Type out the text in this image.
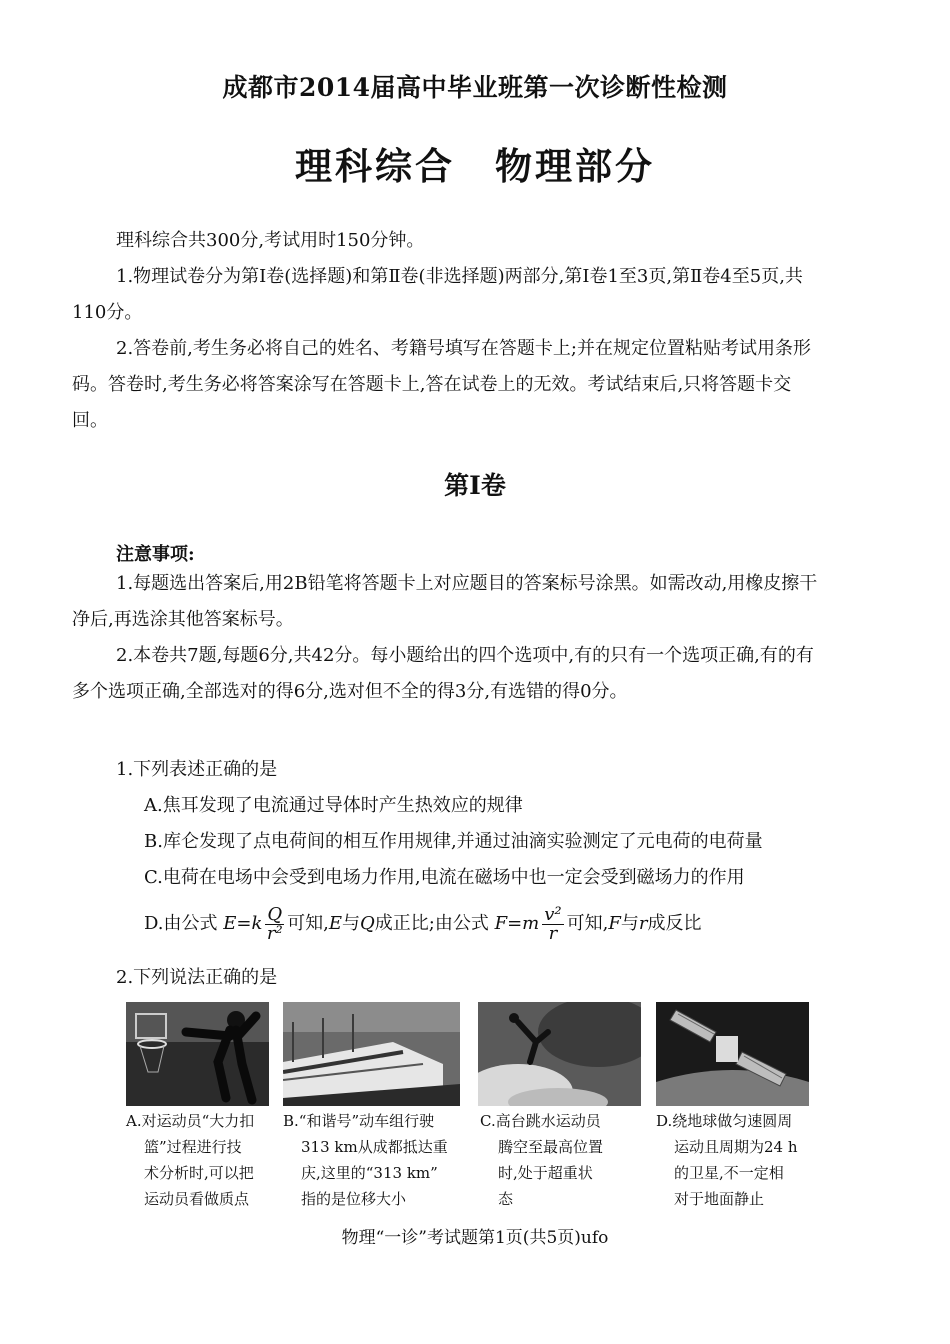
成都市2014届高中毕业班第一次诊断性检测
理科综合　物理部分
理科综合共300分,考试用时150分钟。
1.物理试卷分为第Ⅰ卷(选择题)和第Ⅱ卷(非选择题)两部分,第Ⅰ卷1至3页,第Ⅱ卷4至5页,共110分。
2.答卷前,考生务必将自己的姓名、考籍号填写在答题卡上;并在规定位置粘贴考试用条形码。答卷时,考生务必将答案涂写在答题卡上,答在试卷上的无效。考试结束后,只将答题卡交回。
第Ⅰ卷
注意事项:
1.每题选出答案后,用2B铅笔将答题卡上对应题目的答案标号涂黑。如需改动,用橡皮擦干净后,再选涂其他答案标号。
2.本卷共7题,每题6分,共42分。每小题给出的四个选项中,有的只有一个选项正确,有的有多个选项正确,全部选对的得6分,选对但不全的得3分,有选错的得0分。
1.下列表述正确的是
A.焦耳发现了电流通过导体时产生热效应的规律
B.库仑发现了点电荷间的相互作用规律,并通过油滴实验测定了元电荷的电荷量
C.电荷在电场中会受到电场力作用,电流在磁场中也一定会受到磁场力的作用
D.由公式 $E=k \frac{Q}{\text{r²}}$ 可知,E与Q成正比;由公式 $F=m \frac{\text{v²}}{r}$ 可知,F与r成反比
2.下列说法正确的是
A.对运动员“大力扣
篮”过程进行技
术分析时,可以把
运动员看做质点
B.“和谐号”动车组行驶
313 km从成都抵达重
庆,这里的“313 km”
指的是位移大小
C.高台跳水运动员
腾空至最高位置
时,处于超重状
态
D.绕地球做匀速圆周
运动且周期为24 h
的卫星,不一定相
对于地面静止
物理“一诊”考试题第1页(共5页)ufo
